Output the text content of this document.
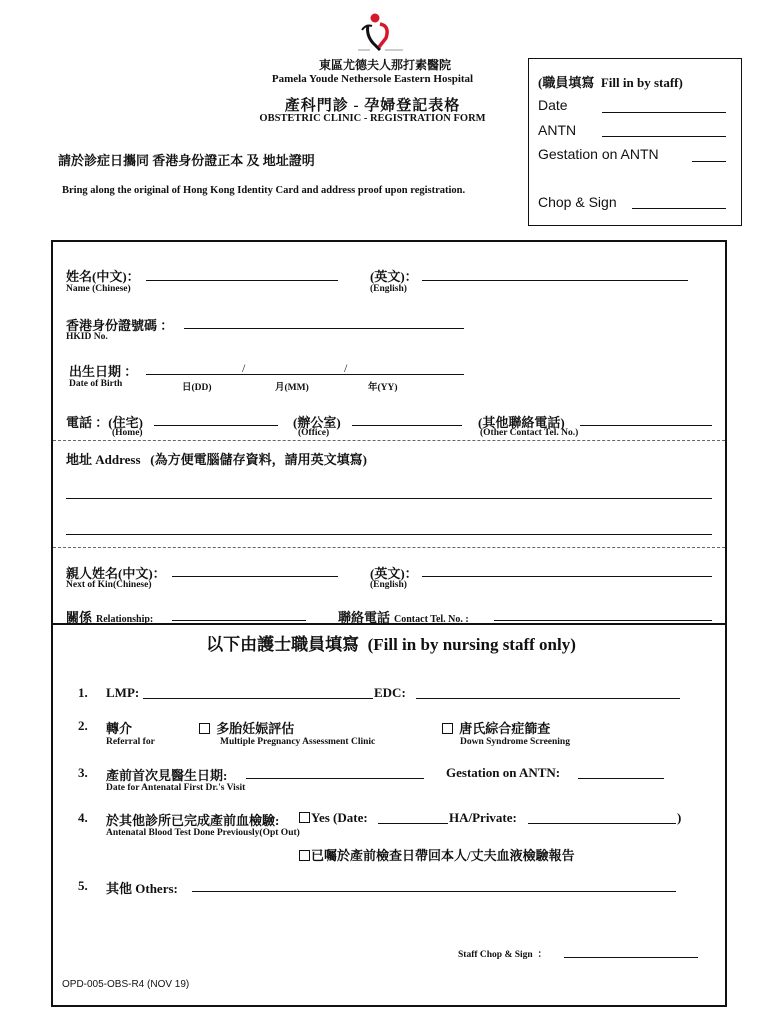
東區尤德夫人那打素醫院
Pamela Youde Nethersole Eastern Hospital
產科門診 - 孕婦登記表格
OBSTETRIC CLINIC - REGISTRATION FORM
(職員填寫 Fill in by staff)
Date
ANTN
Gestation on ANTN
Chop & Sign
請於診症日攜同 香港身份證正本 及 地址證明
Bring along the original of Hong Kong Identity Card and address proof upon registration.
姓名(中文)：
Name (Chinese)
(英文)：
(English)
香港身份證號碼 ：
HKID No.
出生日期 ：	/	/
Date of Birth	日(DD)	月(MM)	年(YY)
電話 ：(住宅)
(Home)
(辦公室)
(Office)
(其他聯絡電話)
(Other Contact Tel. No.)
地址 Address (為方便電腦儲存資料，請用英文填寫)
親人姓名(中文)：
Next of Kin(Chinese)
(英文)：
(English)
關係 Relationship:	聯絡電話 Contact Tel. No. :
以下由護士職員填寫 (Fill in by nursing staff only)
1. LMP:	EDC:
2. 轉介
Referral for
多胎妊娠評估
Multiple Pregnancy Assessment Clinic
唐氏綜合症篩查
Down Syndrome Screening
3. 產前首次見醫生日期:
Date for Antenatal First Dr.'s Visit
Gestation on ANTN:
4. 於其他診所已完成產前血檢驗:	Yes (Date:	HA/Private:	)
Antenatal Blood Test Done Previously(Opt Out)
已囑於產前檢查日帶回本人/丈夫血液檢驗報告
5. 其他 Others:
Staff Chop & Sign  ：
OPD-005-OBS-R4 (NOV 19)
